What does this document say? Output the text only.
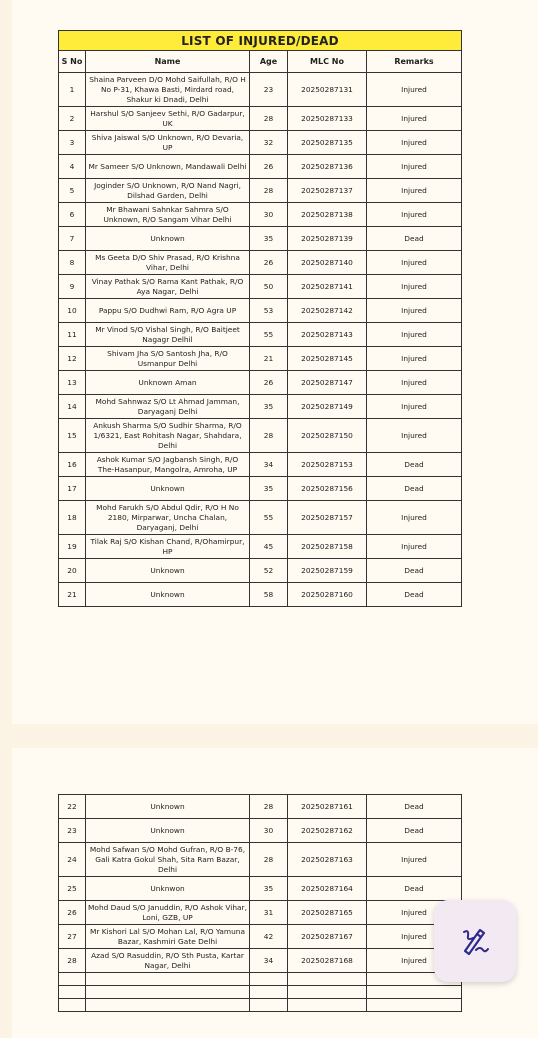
LIST OF INJURED/DEAD				
S No	Name	Age	MLC No	Remarks
1	Shaina Parveen D/O Mohd Saifullah, R/O H No P-31, Khawa Basti, Mirdard road, Shakur ki Dnadi, Delhi	23	20250287131	Injured
2	Harshul S/O Sanjeev Sethi, R/O Gadarpur, UK	28	20250287133	Injured
3	Shiva Jaiswal S/O Unknown, R/O Devaria, UP	32	20250287135	Injured
4	Mr Sameer S/O Unknown, Mandawali Delhi	26	20250287136	Injured
5	Joginder S/O Unknown, R/O Nand Nagri, Dilshad Garden, Delhi	28	20250287137	Injured
6	Mr Bhawani Sahnkar Sahmra S/O Unknown, R/O Sangam Vihar Delhi	30	20250287138	Injured
7	Unknown	35	20250287139	Dead
8	Ms Geeta D/O Shiv Prasad, R/O Krishna Vihar, Delhi	26	20250287140	Injured
9	Vinay Pathak S/O Rama Kant Pathak, R/O Aya Nagar, Delhi	50	20250287141	Injured
10	Pappu S/O Dudhwi Ram, R/O Agra UP	53	20250287142	Injured
11	Mr Vinod S/O Vishal Singh, R/O Baitjeet Nagagr Delhil	55	20250287143	Injured
12	Shivam Jha S/O Santosh Jha, R/O Usmanpur Delhi	21	20250287145	Injured
13	Unknown Aman	26	20250287147	Injured
14	Mohd Sahnwaz S/O Lt Ahmad Jamman, Daryaganj Delhi	35	20250287149	Injured
15	Ankush Sharma S/O Sudhir Sharma, R/O 1/6321, East Rohitash Nagar, Shahdara, Delhi	28	20250287150	Injured
16	Ashok Kumar S/O Jagbansh Singh, R/O The-Hasanpur, Mangolra, Amroha, UP	34	20250287153	Dead
17	Unknown	35	20250287156	Dead
18	Mohd Farukh S/O Abdul Qdir, R/O H No 2180, Mirparwar, Uncha Chalan, Daryaganj, Delhi	55	20250287157	Injured
19	Tilak Raj S/O Kishan Chand, R/Ohamirpur, HP	45	20250287158	Injured
20	Unknown	52	20250287159	Dead
21	Unknown	58	20250287160	Dead
22	Unknown	28	20250287161	Dead
23	Unknown	30	20250287162	Dead
24	Mohd Safwan S/O Mohd Gufran, R/O B-76, Gali Katra Gokul Shah, Sita Ram Bazar, Delhi	28	20250287163	Injured
25	Unknwon	35	20250287164	Dead
26	Mohd Daud S/O Januddin, R/O Ashok Vihar, Loni, GZB, UP	31	20250287165	Injured
27	Mr Kishori Lal S/O Mohan Lal, R/O Yamuna Bazar, Kashmiri Gate Delhi	42	20250287167	Injured
28	Azad S/O Rasuddin, R/O Sth Pusta, Kartar Nagar, Delhi	34	20250287168	Injured
